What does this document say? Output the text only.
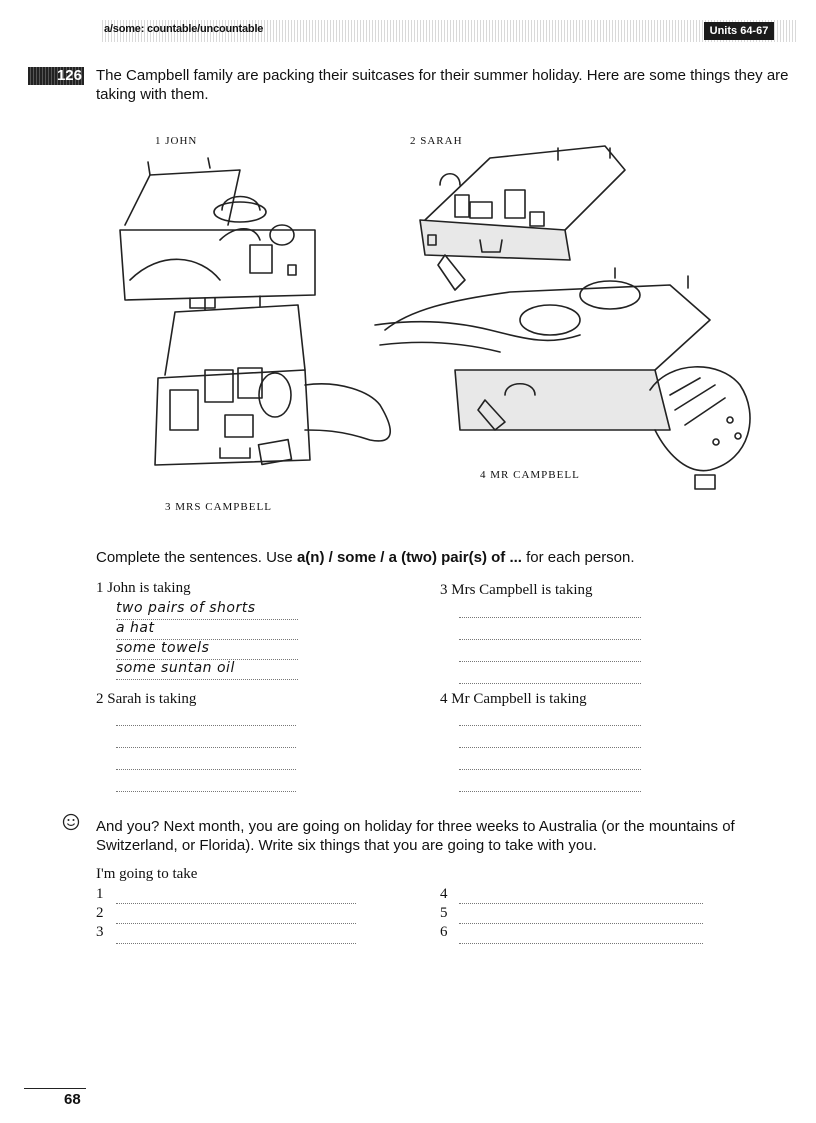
a/some: countable/uncountable	Units 64-67
126 The Campbell family are packing their suitcases for their summer holiday. Here are some things they are taking with them.
1 JOHN	2 SARAH
3 MRS CAMPBELL
4 MR CAMPBELL
Complete the sentences. Use a(n) / some / a (two) pair(s) of ... for each person.
1 John is taking
two pairs of shorts
a hat
some towels
some suntan oil
2 Sarah is taking
3 Mrs Campbell is taking
4 Mr Campbell is taking
And you? Next month, you are going on holiday for three weeks to Australia (or the mountains of Switzerland, or Florida). Write six things that you are going to take with you.
I'm going to take
1
2
3
4
5
6
68
